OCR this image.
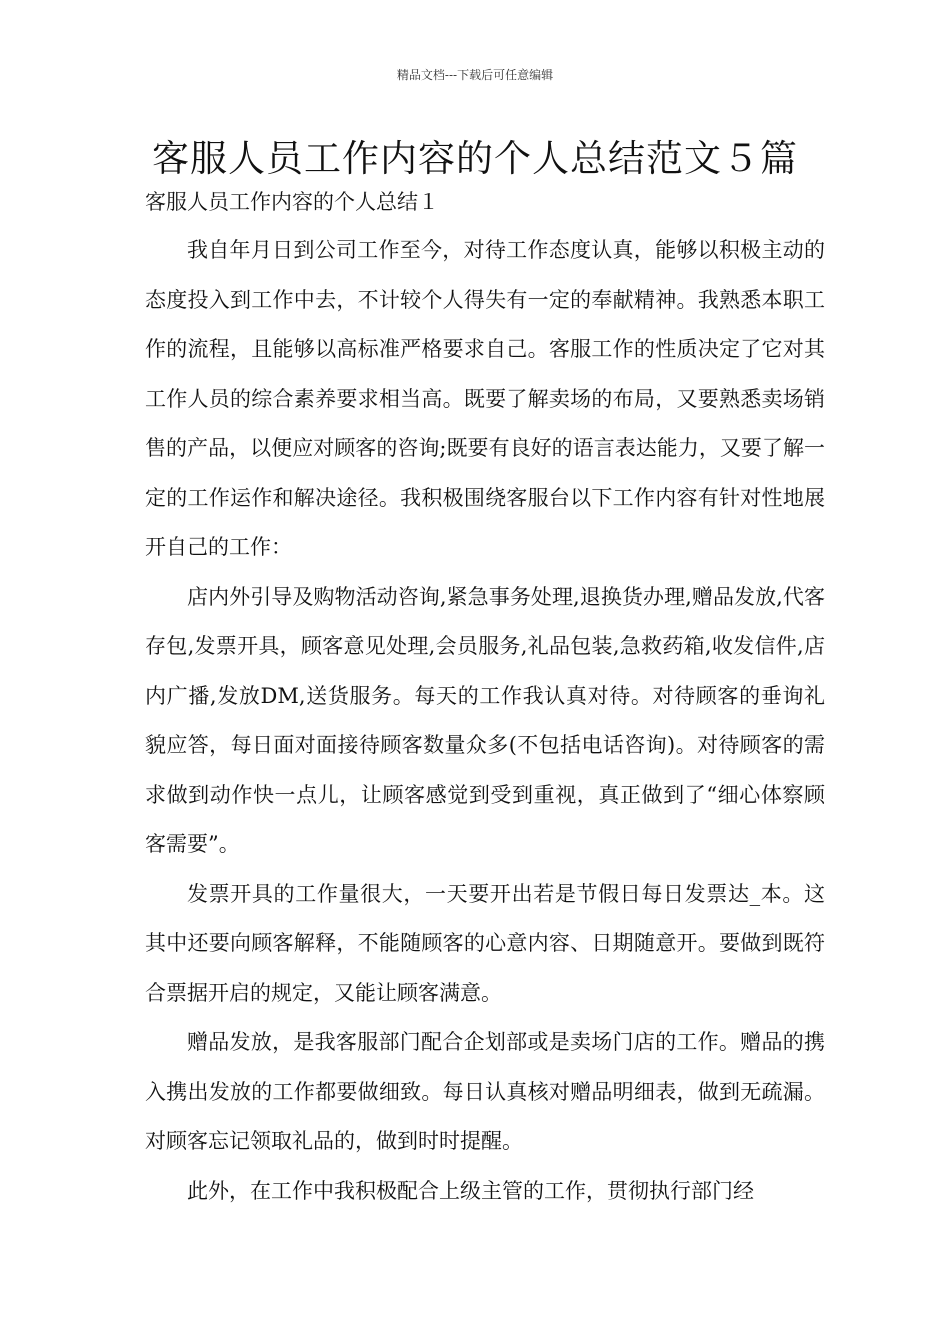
精品文档---下载后可任意编辑
客服人员工作内容的个人总结范文５篇
客服人员工作内容的个人总结１

我自年月日到公司工作至今，对待工作态度认真，能够以积极主动的态度投入到工作中去，不计较个人得失有一定的奉献精神。我熟悉本职工作的流程，且能够以高标准严格要求自己。客服工作的性质决定了它对其工作人员的综合素养要求相当高。既要了解卖场的布局，又要熟悉卖场销售的产品，以便应对顾客的咨询;既要有良好的语言表达能力，又要了解一定的工作运作和解决途径。我积极围绕客服台以下工作内容有针对性地展开自己的工作：

店内外引导及购物活动咨询,紧急事务处理,退换货办理,赠品发放,代客存包,发票开具，顾客意见处理,会员服务,礼品包装,急救药箱,收发信件,店内广播,发放DM,送货服务。每天的工作我认真对待。对待顾客的垂询礼貌应答，每日面对面接待顾客数量众多(不包括电话咨询)。对待顾客的需求做到动作快一点儿，让顾客感觉到受到重视，真正做到了“细心体察顾客需要”。

发票开具的工作量很大，一天要开出若是节假日每日发票达_本。这其中还要向顾客解释，不能随顾客的心意内容、日期随意开。要做到既符合票据开启的规定，又能让顾客满意。

赠品发放，是我客服部门配合企划部或是卖场门店的工作。赠品的携入携出发放的工作都要做细致。每日认真核对赠品明细表，做到无疏漏。对顾客忘记领取礼品的，做到时时提醒。

此外，在工作中我积极配合上级主管的工作，贯彻执行部门经
